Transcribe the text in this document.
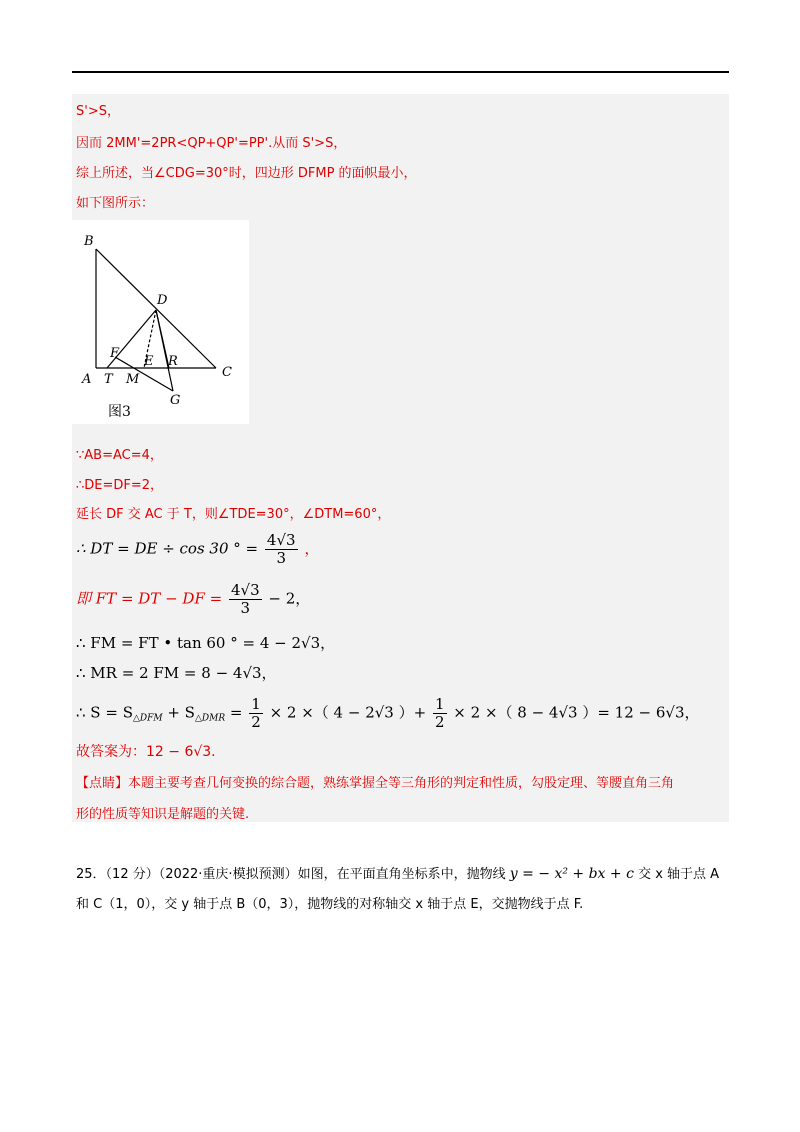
S'>S，
因而 2MM'=2PR<QP+QP'=PP'.从而 S'>S，
综上所述，当∠CDG=30°时，四边形 DFMP 的面帜最小，
如下图所示：
B
D
F
E R
C
A T M
G
图3
∵AB=AC=4，
∴DE=DF=2，
延长 DF 交 AC 于 T，则∠TDE=30°，∠DTM=60°，
∴ DT = DE ÷ cos 30 ° = $\frac{4√3}{3}$ ，
即 FT = DT − DF = $\frac{4√3}{3} - 2$，
∴ FM = FT • tan 60 ° = 4 − 2√3，
∴ MR = 2 FM = 8 − 4√3，
∴ $S = S_{\triangle DFM} + S_{\triangle DMR} = \frac{1}{2} \times 2$ ×（ 4 − 2√3 ）+ $\frac{1}{2} \times 2$ ×（ 8 − 4√3 ）= 12 − 6√3，
故答案为：12 − 6√3.
【点睛】本题主要考查几何变换的综合题，熟练掌握全等三角形的判定和性质，勾股定理、等腰直角三角
形的性质等知识是解题的关键.
25．（12 分）（2022·重庆·模拟预测）如图，在平面直角坐标系中，抛物线 y = − x² + bx + c 交 x 轴于点 A
和 C（1，0），交 y 轴于点 B（0，3），抛物线的对称轴交 x 轴于点 E，交抛物线于点 F.
